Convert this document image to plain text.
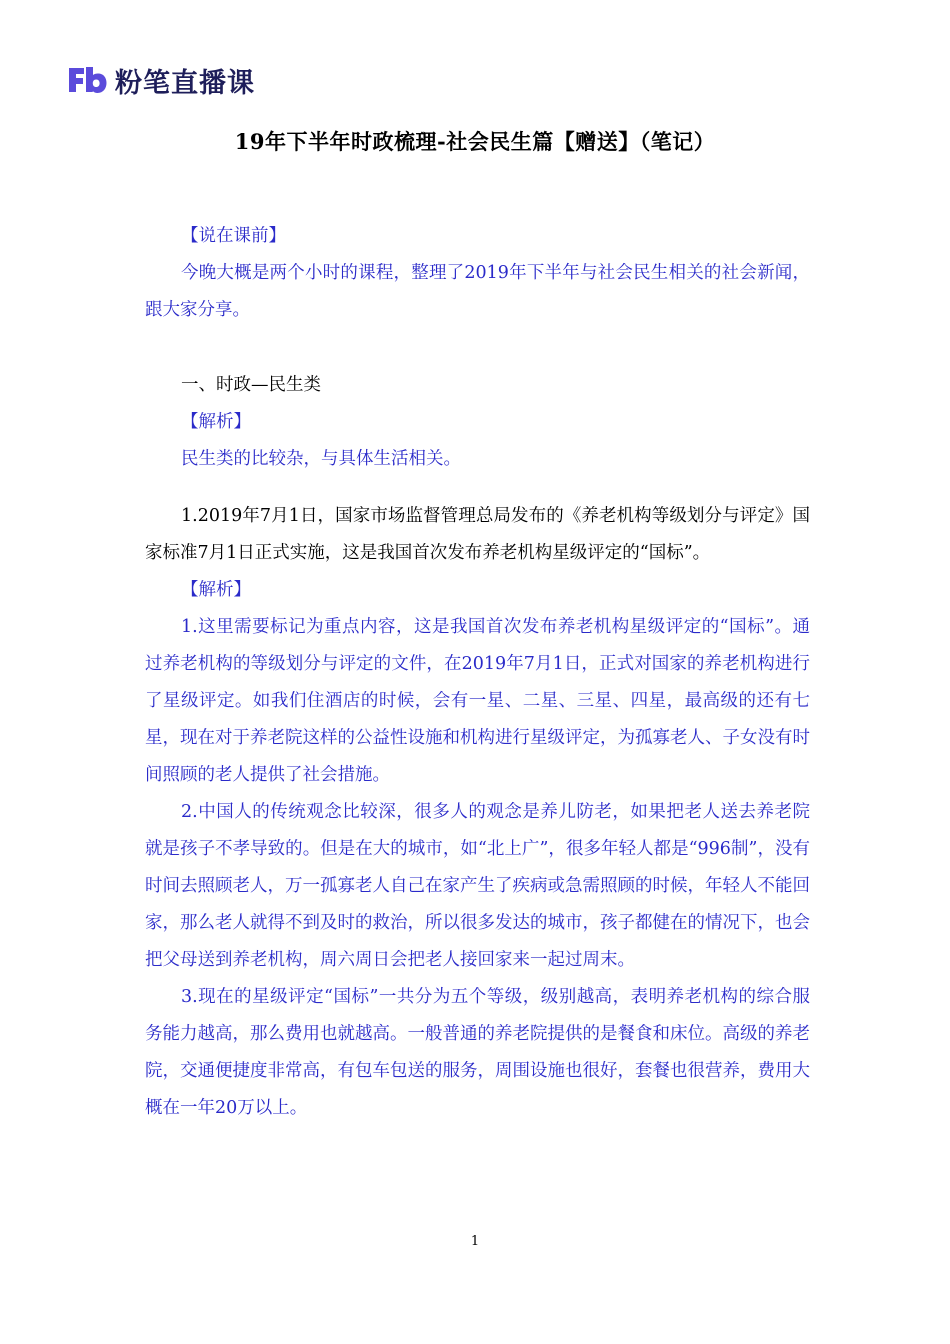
粉笔直播课
19年下半年时政梳理-社会民生篇【赠送】（笔记）

【说在课前】

今晚大概是两个小时的课程，整理了2019年下半年与社会民生相关的社会新闻，跟大家分享。

一、时政—民生类

【解析】

民生类的比较杂，与具体生活相关。

1.2019年7月1日，国家市场监督管理总局发布的《养老机构等级划分与评定》国家标准7月1日正式实施，这是我国首次发布养老机构星级评定的“国标”。

【解析】

1.这里需要标记为重点内容，这是我国首次发布养老机构星级评定的“国标”。通过养老机构的等级划分与评定的文件，在2019年7月1日，正式对国家的养老机构进行了星级评定。如我们住酒店的时候，会有一星、二星、三星、四星，最高级的还有七星，现在对于养老院这样的公益性设施和机构进行星级评定，为孤寡老人、子女没有时间照顾的老人提供了社会措施。

2.中国人的传统观念比较深，很多人的观念是养儿防老，如果把老人送去养老院就是孩子不孝导致的。但是在大的城市，如“北上广”，很多年轻人都是“996制”，没有时间去照顾老人，万一孤寡老人自己在家产生了疾病或急需照顾的时候，年轻人不能回家，那么老人就得不到及时的救治，所以很多发达的城市，孩子都健在的情况下，也会把父母送到养老机构，周六周日会把老人接回家来一起过周末。

3.现在的星级评定“国标”一共分为五个等级，级别越高，表明养老机构的综合服务能力越高，那么费用也就越高。一般普通的养老院提供的是餐食和床位。高级的养老院，交通便捷度非常高，有包车包送的服务，周围设施也很好，套餐也很营养，费用大概在一年20万以上。

1
